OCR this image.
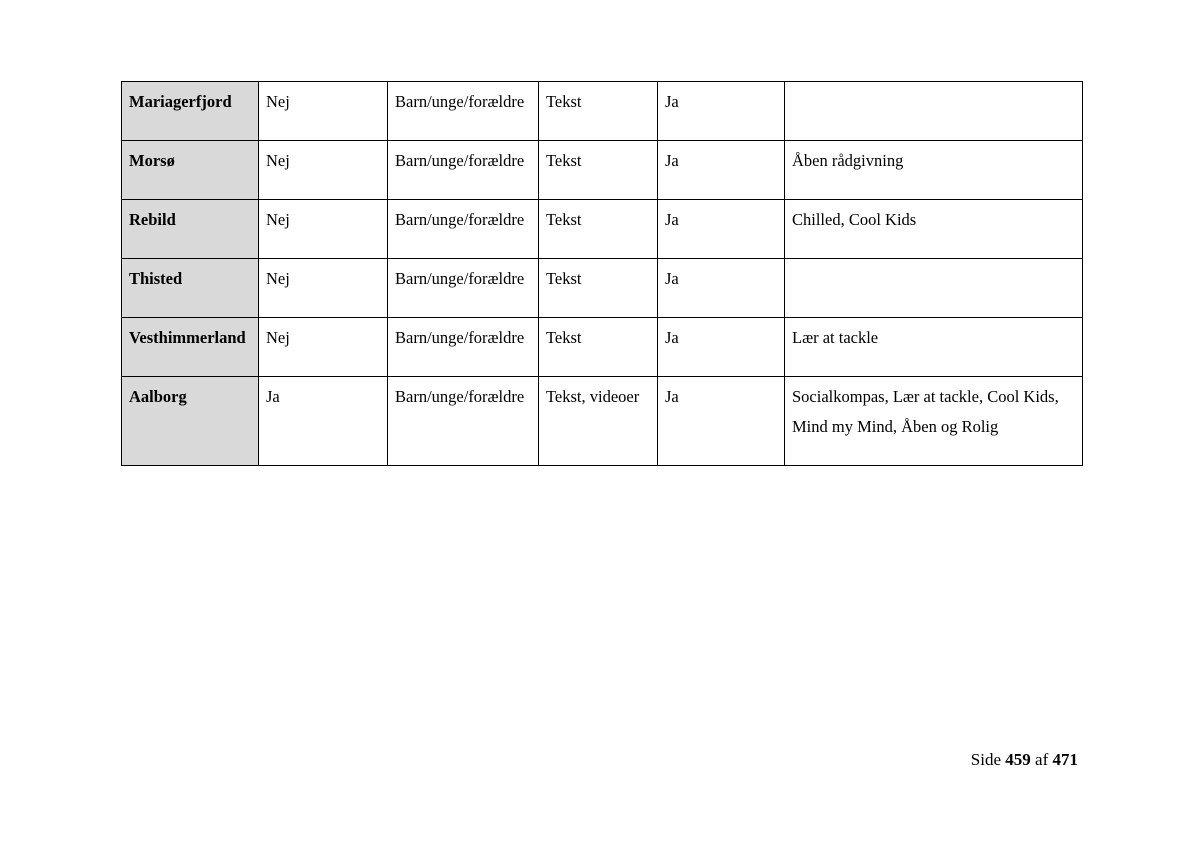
Mariagerfjord	Nej	Barn/unge/forældre	Tekst	Ja	
Morsø	Nej	Barn/unge/forældre	Tekst	Ja	Åben rådgivning
Rebild	Nej	Barn/unge/forældre	Tekst	Ja	Chilled, Cool Kids
Thisted	Nej	Barn/unge/forældre	Tekst	Ja	
Vesthimmerland	Nej	Barn/unge/forældre	Tekst	Ja	Lær at tackle
Aalborg	Ja	Barn/unge/forældre	Tekst, videoer	Ja	Socialkompas, Lær at tackle, Cool Kids, Mind my Mind, Åben og Rolig
Side 459 af 471
